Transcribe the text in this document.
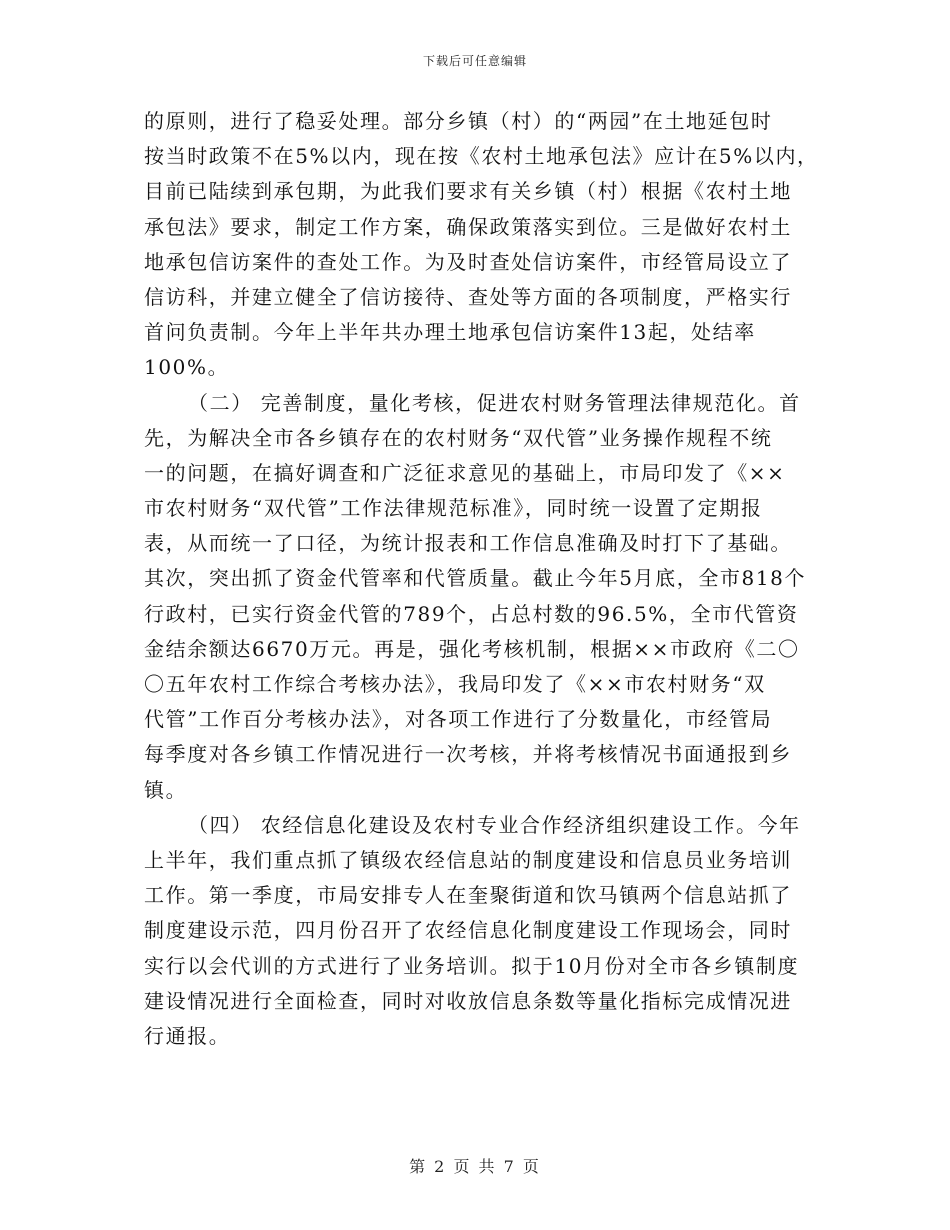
下载后可任意编辑
的原则，进行了稳妥处理。部分乡镇（村）的“两园”在土地延包时
按当时政策不在5%以内，现在按《农村土地承包法》应计在5%以内，
目前已陆续到承包期，为此我们要求有关乡镇（村）根据《农村土地
承包法》要求，制定工作方案，确保政策落实到位。三是做好农村土
地承包信访案件的查处工作。为及时查处信访案件，市经管局设立了
信访科，并建立健全了信访接待、查处等方面的各项制度，严格实行
首问负责制。今年上半年共办理土地承包信访案件13起，处结率
100%。
（二） 完善制度，量化考核，促进农村财务管理法律规范化。首
先，为解决全市各乡镇存在的农村财务“双代管”业务操作规程不统
一的问题，在搞好调查和广泛征求意见的基础上，市局印发了《××
市农村财务“双代管”工作法律规范标准》，同时统一设置了定期报
表，从而统一了口径，为统计报表和工作信息准确及时打下了基础。
其次，突出抓了资金代管率和代管质量。截止今年5月底，全市818个
行政村，已实行资金代管的789个，占总村数的96.5%，全市代管资
金结余额达6670万元。再是，强化考核机制，根据××市政府《二〇
〇五年农村工作综合考核办法》，我局印发了《××市农村财务“双
代管”工作百分考核办法》，对各项工作进行了分数量化，市经管局
每季度对各乡镇工作情况进行一次考核，并将考核情况书面通报到乡
镇。
（四） 农经信息化建设及农村专业合作经济组织建设工作。今年
上半年，我们重点抓了镇级农经信息站的制度建设和信息员业务培训
工作。第一季度，市局安排专人在奎聚街道和饮马镇两个信息站抓了
制度建设示范，四月份召开了农经信息化制度建设工作现场会，同时
实行以会代训的方式进行了业务培训。拟于10月份对全市各乡镇制度
建设情况进行全面检查，同时对收放信息条数等量化指标完成情况进
行通报。
第 2 页 共 7 页
